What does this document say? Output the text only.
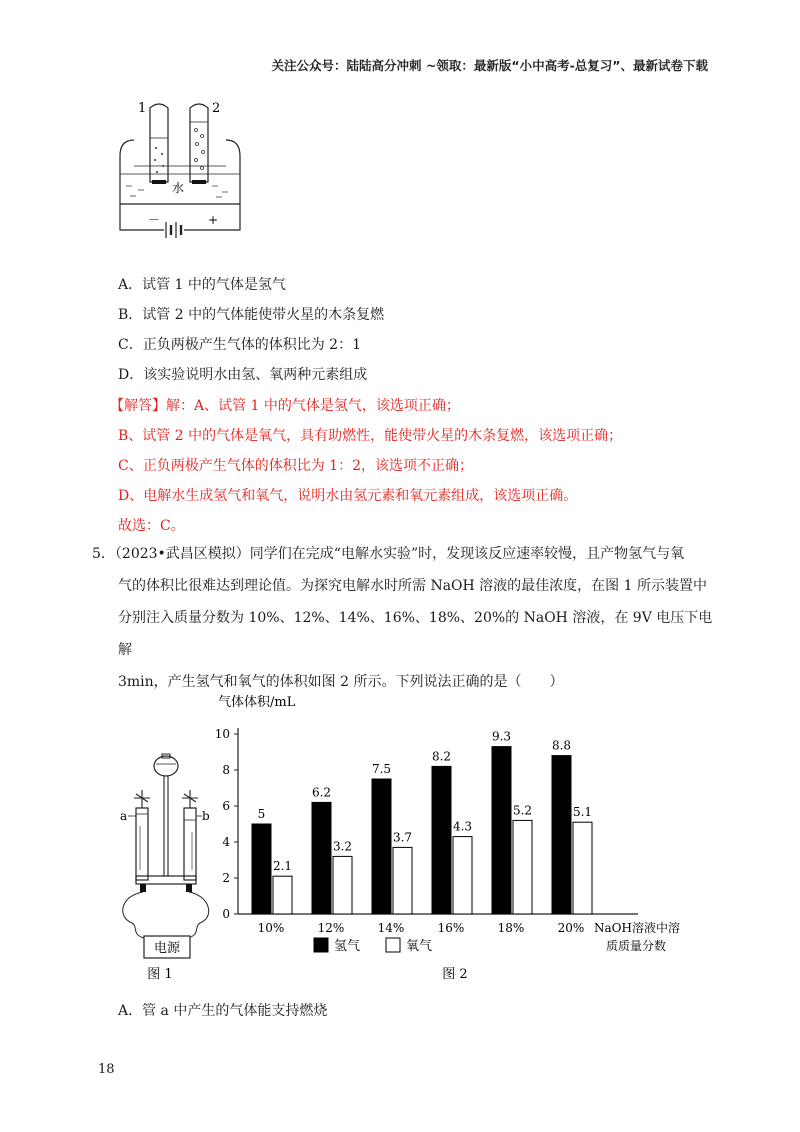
关注公众号：陆陆高分冲刺 ~领取：最新版“小中高考-总复习”、最新试卷下载
1	2
水
－	+
A．试管 1 中的气体是氢气
B．试管 2 中的气体能使带火星的木条复燃
C．正负两极产生气体的体积比为 2：1
D．该实验说明水由氢、氧两种元素组成
【解答】解：A、试管 1 中的气体是氢气，该选项正确；
B、试管 2 中的气体是氧气，具有助燃性，能使带火星的木条复燃，该选项正确；
C、正负两极产生气体的体积比为 1：2，该选项不正确；
D、电解水生成氢气和氧气，说明水由氢元素和氧元素组成，该选项正确。
故选：C。
5．（2023•武昌区模拟）同学们在完成“电解水实验”时，发现该反应速率较慢，且产物氢气与氧
气的体积比很难达到理论值。为探究电解水时所需 NaOH 溶液的最佳浓度，在图 1 所示装置中
分别注入质量分数为 10%、12%、14%、16%、18%、20%的 NaOH 溶液，在 9V 电压下电解
3min，产生氢气和氧气的体积如图 2 所示。下列说法正确的是（　　）
电源
a	b
图 1
气体体积/mL
NaOH溶液中溶
质质量分数
0
2
4
6
8
10
5
2.1
10%
6.2
3.2
12%
7.5
3.7
14%
8.2
4.3
16%
9.3
5.2
18%
8.8
5.1
20%
氢气	氧气
图 2
A．管 a 中产生的气体能支持燃烧
18
